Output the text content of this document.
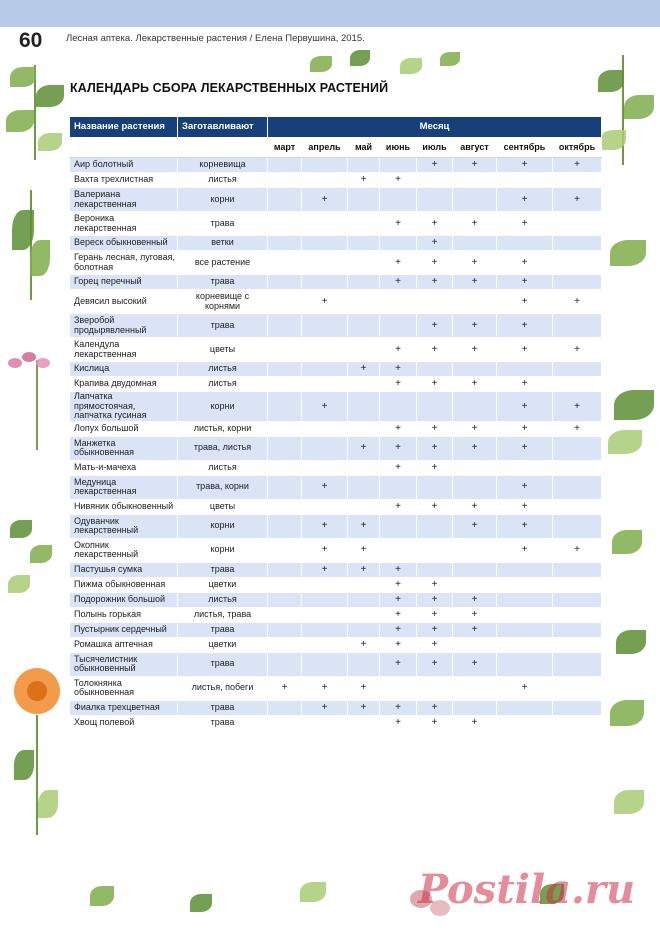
60 Лесная аптека. Лекарственные растения / Елена Первушина, 2015.
КАЛЕНДАРЬ СБОРА ЛЕКАРСТВЕННЫХ РАСТЕНИЙ
Название растения	Заготавливают	Месяц							
		март	апрель	май	июнь	июль	август	сентябрь	октябрь
Аир болотный	корневища					+	+	+	+
Вахта трехлистная	листья			+	+				
Валериана лекарственная	корни		+					+	+
Вероника лекарственная	трава				+	+	+	+	
Вереск обыкновенный	ветки					+			
Герань лесная, луговая, болотная	все растение				+	+	+	+	
Горец перечный	трава				+	+	+	+	
Девясил высокий	корневище с корнями		+					+	+
Зверобой продырявленный	трава					+	+	+	
Календула лекарственная	цветы				+	+	+	+	+
Кислица	листья			+	+				
Крапива двудомная	листья				+	+	+	+	
Лапчатка прямостоячая, лапчатка гусиная	корни		+					+	+
Лопух большой	листья, корни				+	+	+	+	+
Манжетка обыкновенная	трава, листья			+	+	+	+	+	
Мать-и-мачеха	листья				+	+			
Медуница лекарственная	трава, корни		+					+	
Нивяник обыкновенный	цветы				+	+	+	+	
Одуванчик лекарственный	корни		+	+			+	+	
Окопник лекарственный	корни		+	+				+	+
Пастушья сумка	трава		+	+	+				
Пижма обыкновенная	цветки				+	+			
Подорожник большой	листья				+	+	+		
Полынь горькая	листья, трава				+	+	+		
Пустырник сердечный	трава				+	+	+		
Ромашка аптечная	цветки			+	+	+			
Тысячелистник обыкновенный	трава				+	+	+		
Толокнянка обыкновенная	листья, побеги	+	+	+				+	
Фиалка трехцветная	трава		+	+	+	+			
Хвощ полевой	трава				+	+	+		
Postila.ru
